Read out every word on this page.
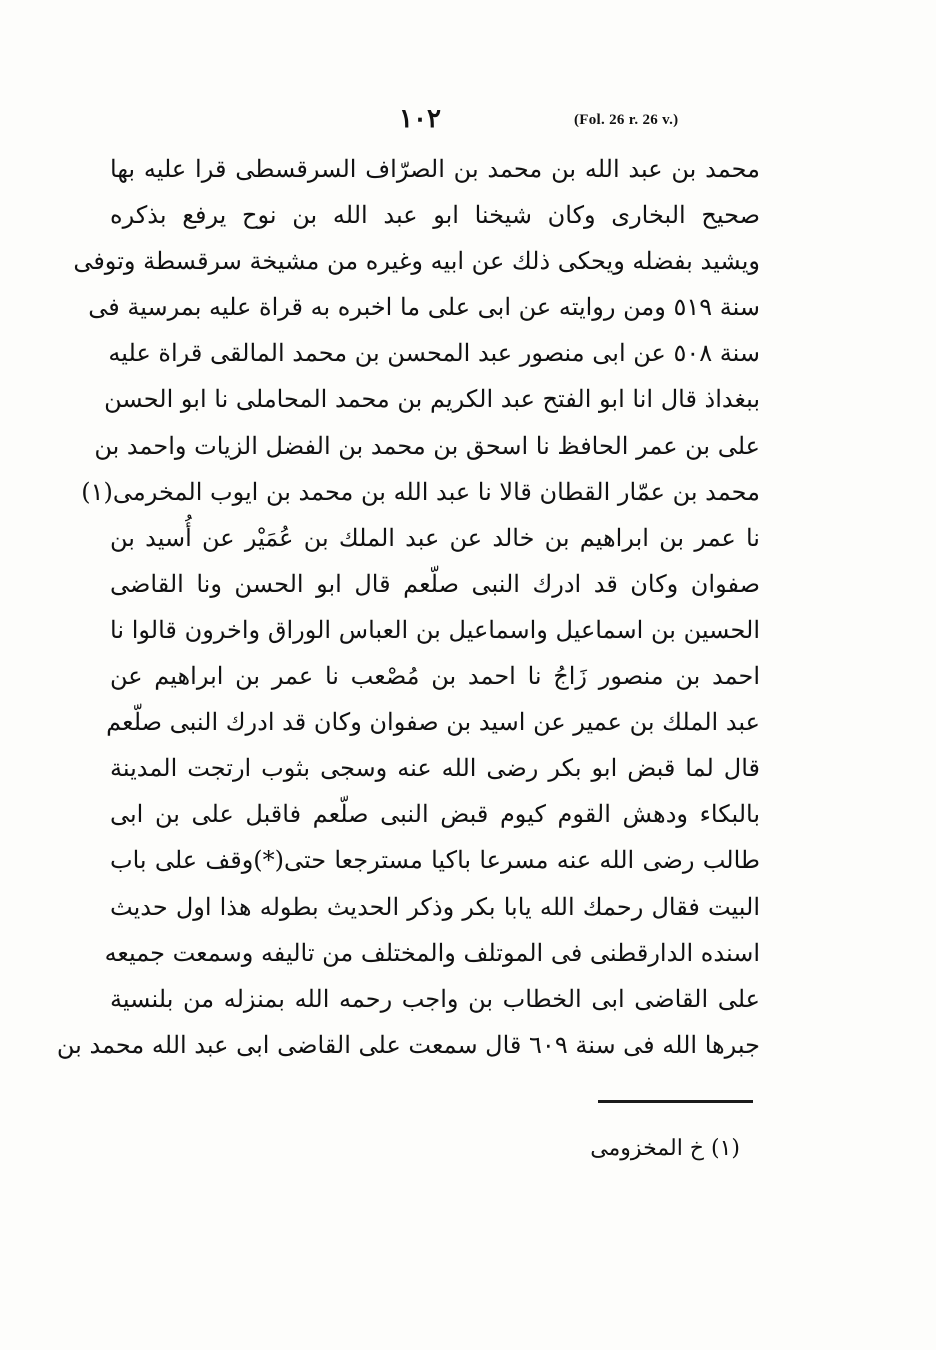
١٠٢	(Fol. 26 r. 26 v.)
محمد بن عبد الله بن محمد بن الصرّاف السرقسطى قرا عليه بها
صحيح البخارى وكان شيخنا ابو عبد الله بن نوح يرفع بذكره
ويشيد بفضله ويحكى ذلك عن ابيه وغيره من مشيخة سرقسطة وتوفى
سنة ٥١٩ ومن روايته عن ابى على ما اخبره به قراة عليه بمرسية فى
سنة ٥٠٨ عن ابى منصور عبد المحسن بن محمد المالقى قراة عليه
ببغداذ قال انا ابو الفتح عبد الكريم بن محمد المحاملى نا ابو الحسن
على بن عمر الحافظ نا اسحق بن محمد بن الفضل الزيات واحمد بن
محمد بن عمّار القطان قالا نا عبد الله بن محمد بن ايوب المخرمى(١)
نا عمر بن ابراهيم بن خالد عن عبد الملك بن عُمَيْر عن أُسيد بن
صفوان وكان قد ادرك النبى صلّعم قال ابو الحسن ونا القاضى
الحسين بن اسماعيل واسماعيل بن العباس الوراق واخرون قالوا نا
احمد بن منصور زَاجُ نا احمد بن مُصْعب نا عمر بن ابراهيم عن
عبد الملك بن عمير عن اسيد بن صفوان وكان قد ادرك النبى صلّعم
قال لما قبض ابو بكر رضى الله عنه وسجى بثوب ارتجت المدينة
بالبكاء ودهش القوم كيوم قبض النبى صلّعم فاقبل على بن ابى
طالب رضى الله عنه مسرعا باكيا مسترجعا حتى(*)وقف على باب
البيت فقال رحمك الله يابا بكر وذكر الحديث بطوله هذا اول حديث
اسنده الدارقطنى فى الموتلف والمختلف من تاليفه وسمعت جميعه
على القاضى ابى الخطاب بن واجب رحمه الله بمنزله من بلنسية
جبرها الله فى سنة ٦٠٩ قال سمعت على القاضى ابى عبد الله محمد بن
(١) خ المخزومى
